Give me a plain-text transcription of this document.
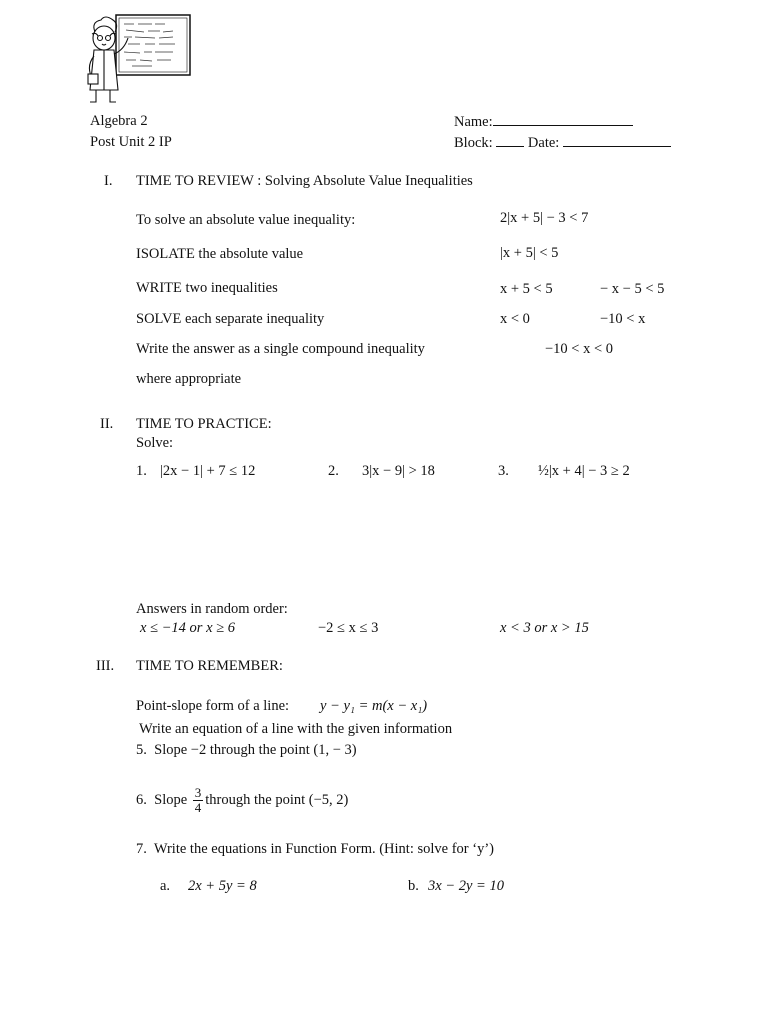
Algebra 2
Post Unit 2 IP
Name:
Block: Date:
I. TIME TO REVIEW : Solving Absolute Value Inequalities
To solve an absolute value inequality:	2|x + 5| − 3 < 7
ISOLATE the absolute value	|x + 5| < 5
WRITE two inequalities	x + 5 < 5	− x − 5 < 5
SOLVE each separate inequality	x < 0	−10 < x
Write the answer as a single compound inequality	−10 < x < 0
where appropriate
II. TIME TO PRACTICE:
Solve:
1. |2x − 1| + 7 ≤ 12	2. 3|x − 9| > 18	3. ½|x + 4| − 3 ≥ 2
Answers in random order:
x ≤ −14 or x ≥ 6	−2 ≤ x ≤ 3	x < 3 or x > 15
III. TIME TO REMEMBER:
Point-slope form of a line: y − y₁ = m(x − x₁)
Write an equation of a line with the given information
5. Slope −2 through the point (1, − 3)
6. Slope $\frac{3}{4}$ through the point (−5, 2)
7. Write the equations in Function Form. (Hint: solve for ‘y’)
a. 2x + 5y = 8	b. 3x − 2y = 10
